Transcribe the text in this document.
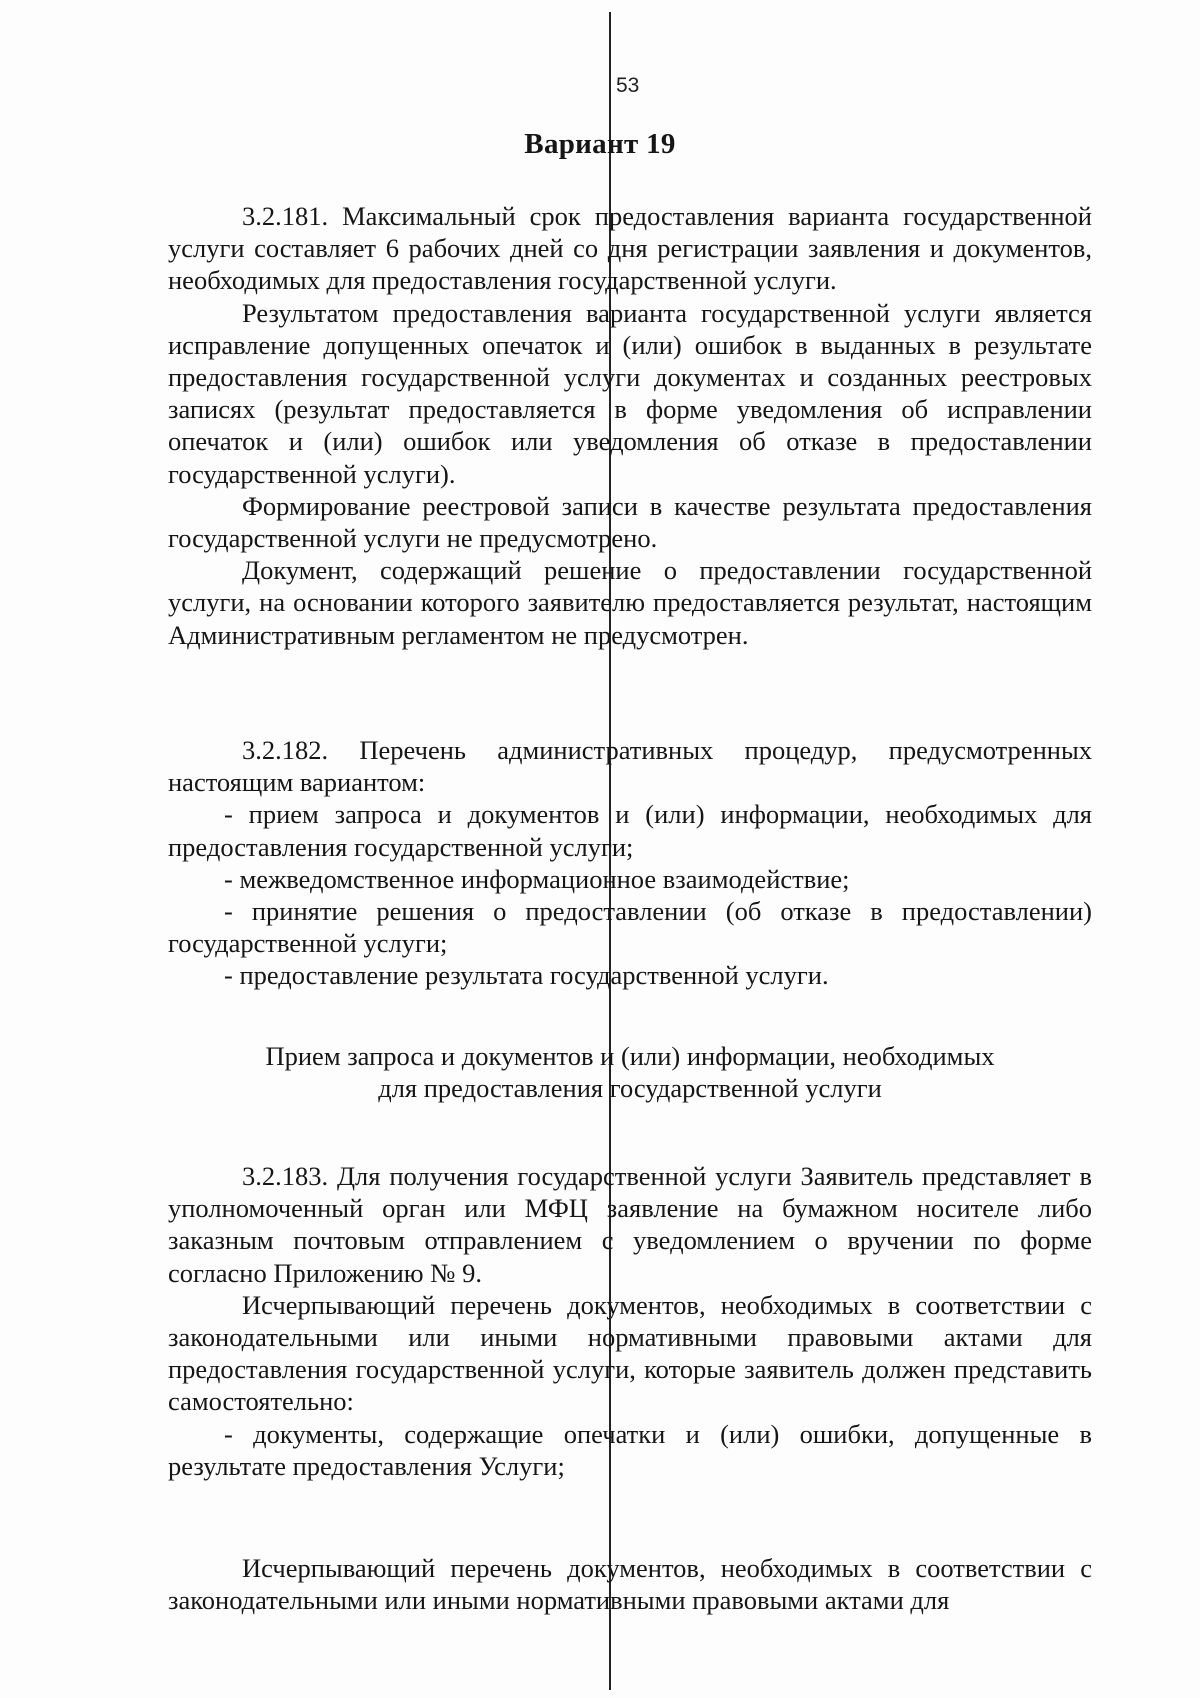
53
Вариант 19

3.2.181. Максимальный срок предоставления варианта государственной услуги составляет 6 рабочих дней со дня регистрации заявления и документов, необходимых для предоставления государственной услуги.

Результатом предоставления варианта государственной услуги является исправление допущенных опечаток и (или) ошибок в выданных в результате предоставления государственной услуги документах и созданных реестровых записях (результат предоставляется в форме уведомления об исправлении опечаток и (или) ошибок или уведомления об отказе в предоставлении государственной услуги).

Формирование реестровой записи в качестве результата предоставления государственной услуги не предусмотрено.

Документ, содержащий решение о предоставлении государственной услуги, на основании которого заявителю предоставляется результат, настоящим Административным регламентом не предусмотрен.

3.2.182. Перечень административных процедур, предусмотренных настоящим вариантом:

- прием запроса и документов и (или) информации, необходимых для предоставления государственной услуги;

- межведомственное информационное взаимодействие;

- принятие решения о предоставлении (об отказе в предоставлении) государственной услуги;

- предоставление результата государственной услуги.

Прием запроса и документов и (или) информации, необходимых

для предоставления государственной услуги

3.2.183. Для получения государственной услуги Заявитель представляет в уполномоченный орган или МФЦ заявление на бумажном носителе либо заказным почтовым отправлением с уведомлением о вручении по форме согласно Приложению № 9.

Исчерпывающий перечень документов, необходимых в соответствии с законодательными или иными нормативными правовыми актами для предоставления государственной услуги, которые заявитель должен представить самостоятельно:

- документы, содержащие опечатки и (или) ошибки, допущенные в результате предоставления Услуги;

Исчерпывающий перечень документов, необходимых в соответствии с законодательными или иными нормативными правовыми актами для
